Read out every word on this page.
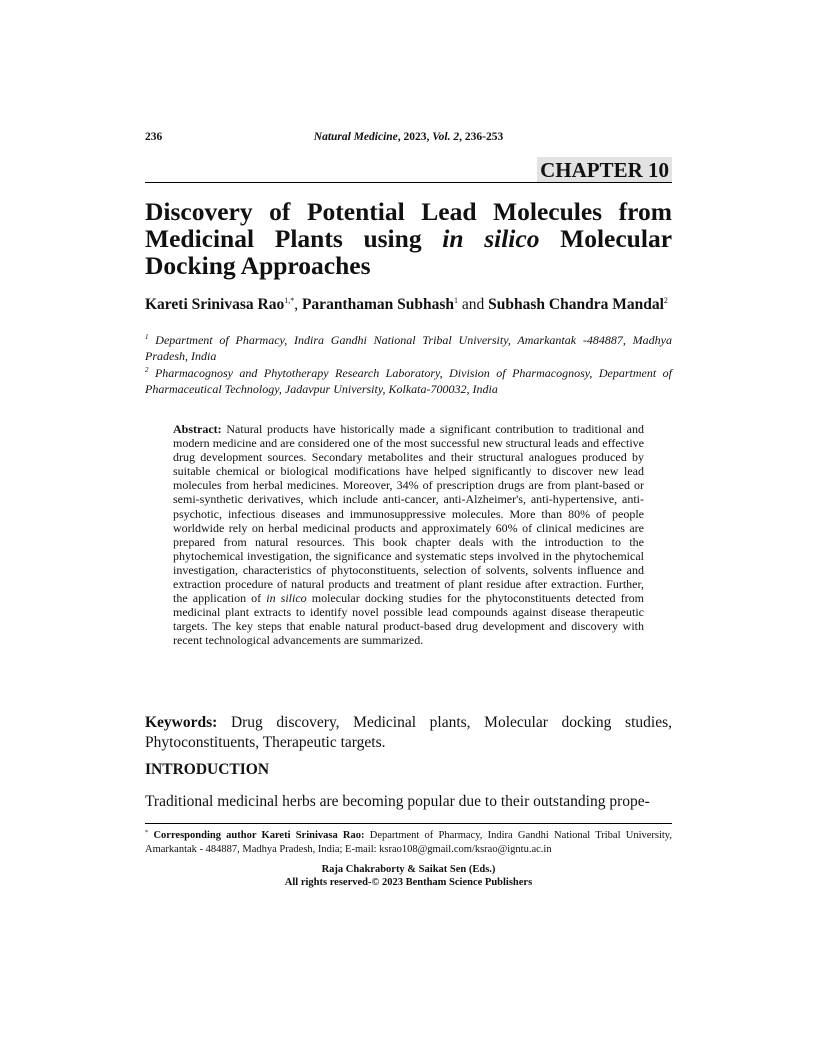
236	Natural Medicine, 2023, Vol. 2, 236-253
CHAPTER 10
Discovery of Potential Lead Molecules from Medicinal Plants using in silico Molecular Docking Approaches
Kareti Srinivasa Rao$^{1,*}$, Paranthaman Subhash$^1$ and Subhash Chandra Mandal$^2$
$^1$ Department of Pharmacy, Indira Gandhi National Tribal University, Amarkantak -484887, Madhya Pradesh, India
$^2$ Pharmacognosy and Phytotherapy Research Laboratory, Division of Pharmacognosy, Department of Pharmaceutical Technology, Jadavpur University, Kolkata-700032, India
Abstract: Natural products have historically made a significant contribution to traditional and modern medicine and are considered one of the most successful new structural leads and effective drug development sources. Secondary metabolites and their structural analogues produced by suitable chemical or biological modifications have helped significantly to discover new lead molecules from herbal medicines. Moreover, 34% of prescription drugs are from plant-based or semi-synthetic derivatives, which include anti-cancer, anti-Alzheimer's, anti-hypertensive, anti-psychotic, infectious diseases and immunosuppressive molecules. More than 80% of people worldwide rely on herbal medicinal products and approximately 60% of clinical medicines are prepared from natural resources. This book chapter deals with the introduction to the phytochemical investigation, the significance and systematic steps involved in the phytochemical investigation, characteristics of phytoconstituents, selection of solvents, solvents influence and extraction procedure of natural products and treatment of plant residue after extraction. Further, the application of in silico molecular docking studies for the phytoconstituents detected from medicinal plant extracts to identify novel possible lead compounds against disease therapeutic targets. The key steps that enable natural product-based drug development and discovery with recent technological advancements are summarized.
Keywords: Drug discovery, Medicinal plants, Molecular docking studies, Phytoconstituents, Therapeutic targets.
INTRODUCTION
Traditional medicinal herbs are becoming popular due to their outstanding prope-
* Corresponding author Kareti Srinivasa Rao: Department of Pharmacy, Indira Gandhi National Tribal University, Amarkantak - 484887, Madhya Pradesh, India; E-mail: ksrao108@gmail.com/ksrao@igntu.ac.in
Raja Chakraborty & Saikat Sen (Eds.)
All rights reserved-© 2023 Bentham Science Publishers
